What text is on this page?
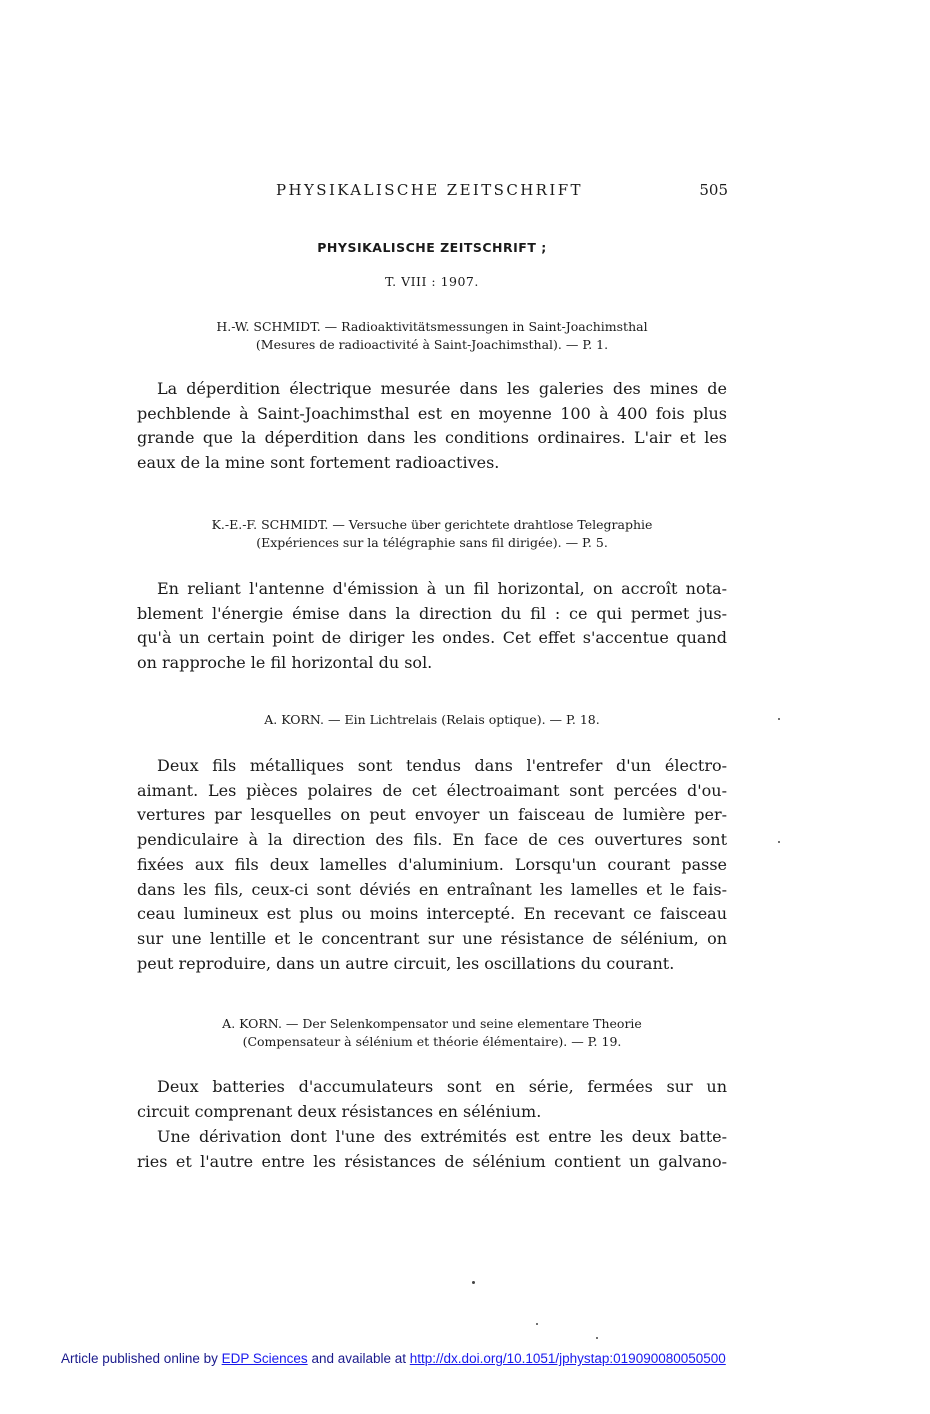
PHYSIKALISCHE ZEITSCHRIFT	505
PHYSIKALISCHE ZEITSCHRIFT ;
T. VIII : 1907.
H.-W. SCHMIDT. — Radioaktivitätsmessungen in Saint-Joachimsthal
(Mesures de radioactivité à Saint-Joachimsthal). — P. 1.
La déperdition électrique mesurée dans les galeries des mines de
pechblende à Saint-Joachimsthal est en moyenne 100 à 400 fois plus
grande que la déperdition dans les conditions ordinaires. L'air et les
eaux de la mine sont fortement radioactives.
K.-E.-F. SCHMIDT. — Versuche über gerichtete drahtlose Telegraphie
(Expériences sur la télégraphie sans fil dirigée). — P. 5.
En reliant l'antenne d'émission à un fil horizontal, on accroît nota-
blement l'énergie émise dans la direction du fil : ce qui permet jus-
qu'à un certain point de diriger les ondes. Cet effet s'accentue quand
on rapproche le fil horizontal du sol.
A. KORN. — Ein Lichtrelais (Relais optique). — P. 18.
Deux fils métalliques sont tendus dans l'entrefer d'un électro-
aimant. Les pièces polaires de cet électroaimant sont percées d'ou-
vertures par lesquelles on peut envoyer un faisceau de lumière per-
pendiculaire à la direction des fils. En face de ces ouvertures sont
fixées aux fils deux lamelles d'aluminium. Lorsqu'un courant passe
dans les fils, ceux-ci sont déviés en entraînant les lamelles et le fais-
ceau lumineux est plus ou moins intercepté. En recevant ce faisceau
sur une lentille et le concentrant sur une résistance de sélénium, on
peut reproduire, dans un autre circuit, les oscillations du courant.
A. KORN. — Der Selenkompensator und seine elementare Theorie
(Compensateur à sélénium et théorie élémentaire). — P. 19.
Deux batteries d'accumulateurs sont en série, fermées sur un
circuit comprenant deux résistances en sélénium.
Une dérivation dont l'une des extrémités est entre les deux batte-
ries et l'autre entre les résistances de sélénium contient un galvano-
Article published online by EDP Sciences and available at http://dx.doi.org/10.1051/jphystap:019090080050500
